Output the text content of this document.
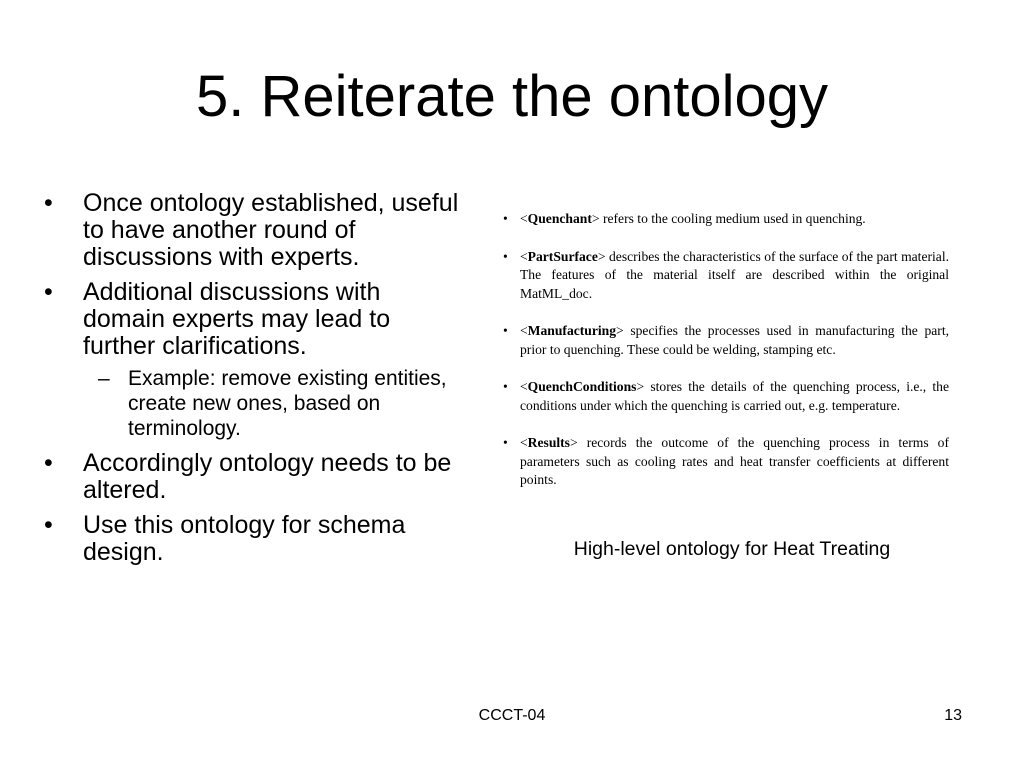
5. Reiterate the ontology
• Once ontology established, useful to have another round of discussions with experts.
• Additional discussions with domain experts may lead to further clarifications.
– Example: remove existing entities, create new ones, based on terminology.
• Accordingly ontology needs to be altered.
• Use this ontology for schema design.
• <Quenchant> refers to the cooling medium used in quenching.
• <PartSurface> describes the characteristics of the surface of the part material. The features of the material itself are described within the original MatML_doc.
• <Manufacturing> specifies the processes used in manufacturing the part, prior to quenching. These could be welding, stamping etc.
• <QuenchConditions> stores the details of the quenching process, i.e., the conditions under which the quenching is carried out, e.g. temperature.
• <Results> records the outcome of the quenching process in terms of parameters such as cooling rates and heat transfer coefficients at different points.
High-level ontology for Heat Treating
CCCT-04	13
